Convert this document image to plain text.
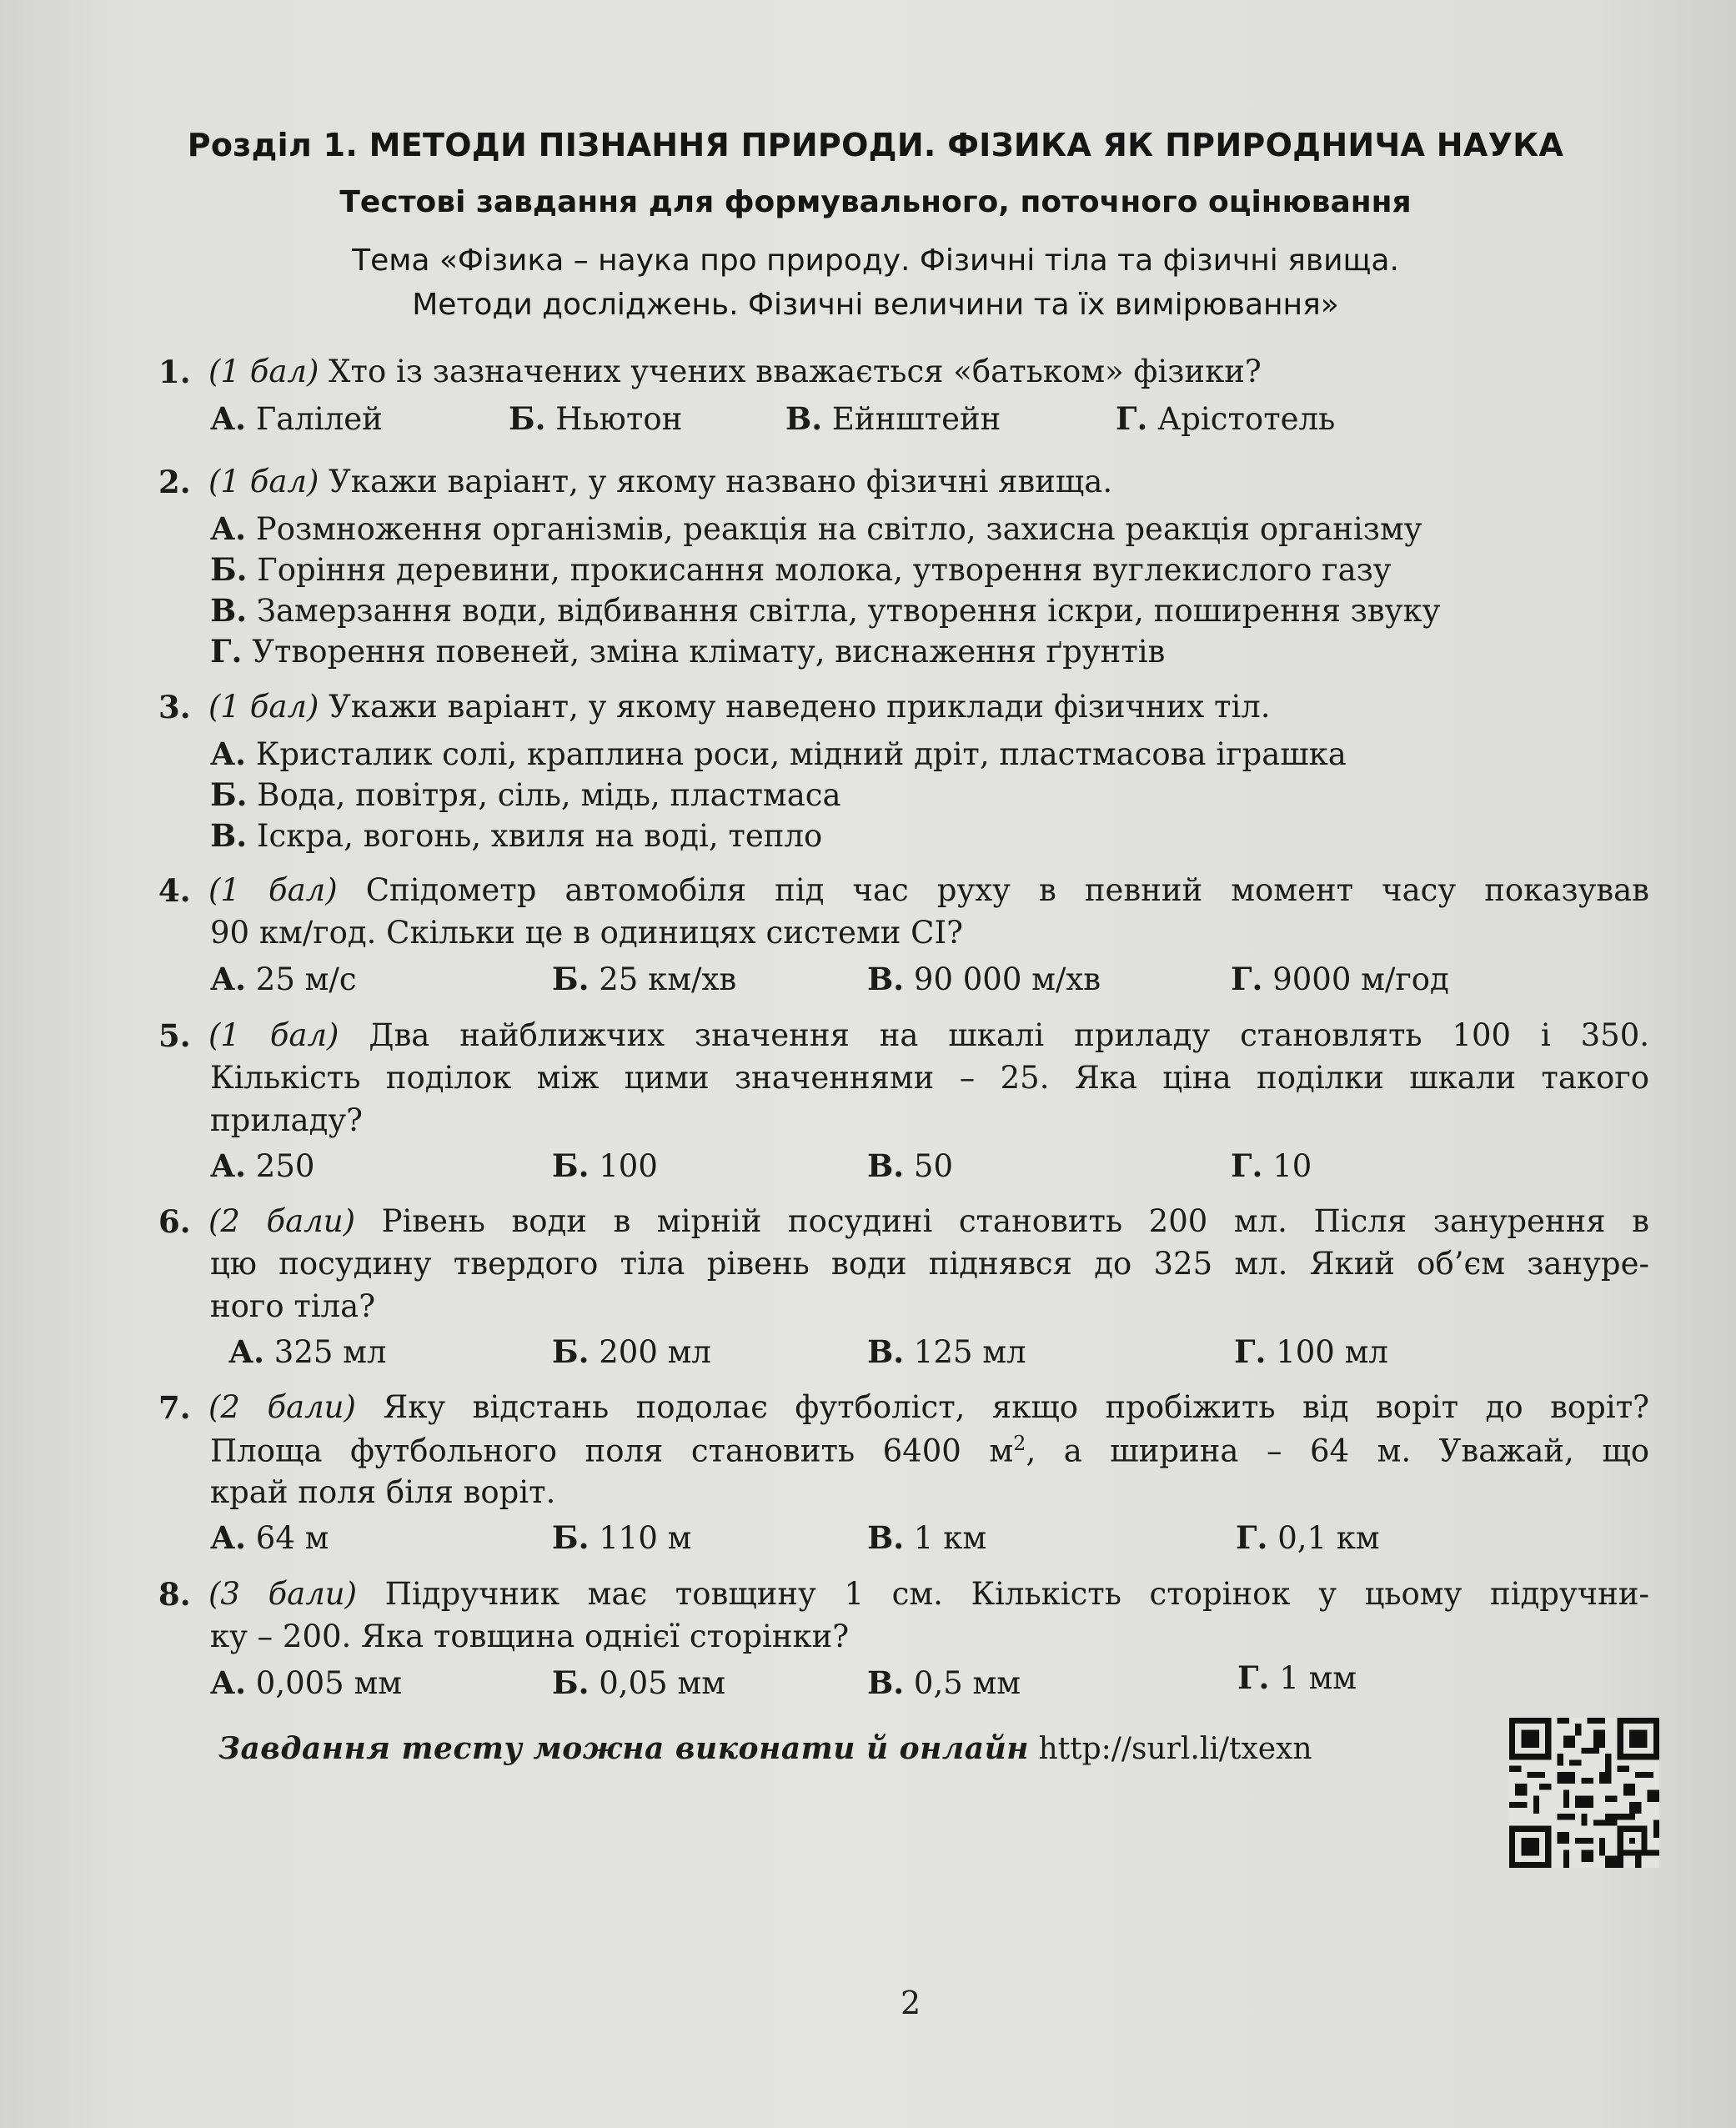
Розділ 1. МЕТОДИ ПІЗНАННЯ ПРИРОДИ. ФІЗИКА ЯК ПРИРОДНИЧА НАУКА
Тестові завдання для формувального, поточного оцінювання
Тема «Фізика – наука про природу. Фізичні тіла та фізичні явища.
Методи досліджень. Фізичні величини та їх вимірювання»
1. (1 бал) Хто із зазначених учених вважається «батьком» фізики?
А. Галілей	Б. Ньютон	В. Ейнштейн	Г. Арістотель
2. (1 бал) Укажи варіант, у якому названо фізичні явища.
А. Розмноження організмів, реакція на світло, захисна реакція організму
Б. Горіння деревини, прокисання молока, утворення вуглекислого газу
В. Замерзання води, відбивання світла, утворення іскри, поширення звуку
Г. Утворення повеней, зміна клімату, виснаження ґрунтів
3. (1 бал) Укажи варіант, у якому наведено приклади фізичних тіл.
А. Кристалик солі, краплина роси, мідний дріт, пластмасова іграшка
Б. Вода, повітря, сіль, мідь, пластмаса
В. Іскра, вогонь, хвиля на воді, тепло
4. (1 бал) Спідометр автомобіля під час руху в певний момент часу показував
90 км/год. Скільки це в одиницях системи СІ?
А. 25 м/с	Б. 25 км/хв	В. 90 000 м/хв	Г. 9000 м/год
5. (1 бал) Два найближчих значення на шкалі приладу становлять 100 і 350.
Кількість поділок між цими значеннями – 25. Яка ціна поділки шкали такого
приладу?
А. 250	Б. 100	В. 50	Г. 10
6. (2 бали) Рівень води в мірній посудині становить 200 мл. Після занурення в
цю посудину твердого тіла рівень води піднявся до 325 мл. Який об’єм зануре-
ного тіла?
А. 325 мл	Б. 200 мл	В. 125 мл	Г. 100 мл
7. (2 бали) Яку відстань подолає футболіст, якщо пробіжить від воріт до воріт?
Площа футбольного поля становить 6400 $м^2$, а ширина – 64 м. Уважай, що
край поля біля воріт.
А. 64 м	Б. 110 м	В. 1 км	Г. 0,1 км
8. (3 бали) Підручник має товщину 1 см. Кількість сторінок у цьому підручни-
ку – 200. Яка товщина однієї сторінки?
А. 0,005 мм	Б. 0,05 мм	В. 0,5 мм	Г. 1 мм
Завдання тесту можна виконати й онлайн http://surl.li/txexn
2
